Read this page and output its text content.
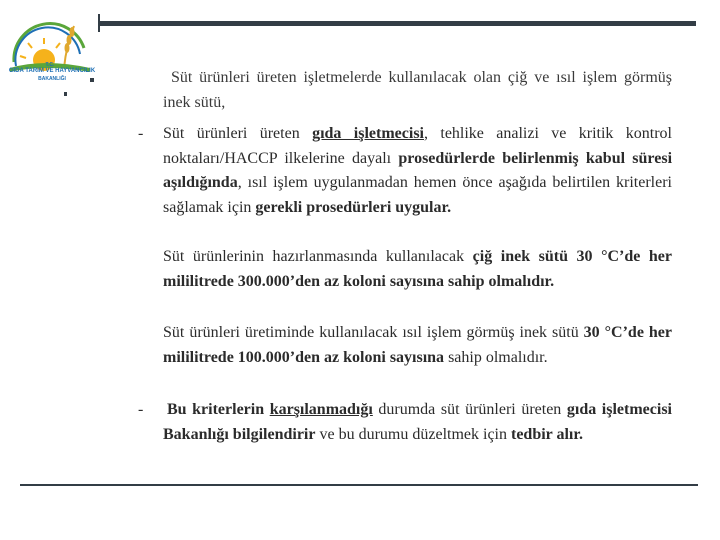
T.C.
GIDA TARIM VE HAYVANCILIK
BAKANLIĞI	Süt ürünleri üreten işletmelerde kullanılacak olan çiğ ve ısıl işlem görmüş inek sütü,
- Süt ürünleri üreten gıda işletmecisi, tehlike analizi ve kritik kontrol noktaları/HACCP ilkelerine dayalı prosedürlerde belirlenmiş kabul süresi aşıldığında, ısıl işlem uygulanmadan hemen önce aşağıda belirtilen kriterleri sağlamak için gerekli prosedürleri uygular.
Süt ürünlerinin hazırlanmasında kullanılacak çiğ inek sütü 30 °C’de her mililitrede 300.000’den az koloni sayısına sahip olmalıdır.
Süt ürünleri üretiminde kullanılacak ısıl işlem görmüş inek sütü 30 °C’de her mililitrede 100.000’den az koloni sayısına sahip olmalıdır.
- Bu kriterlerin karşılanmadığı durumda süt ürünleri üreten gıda işletmecisi Bakanlığı bilgilendirir ve bu durumu düzeltmek için tedbir alır.
